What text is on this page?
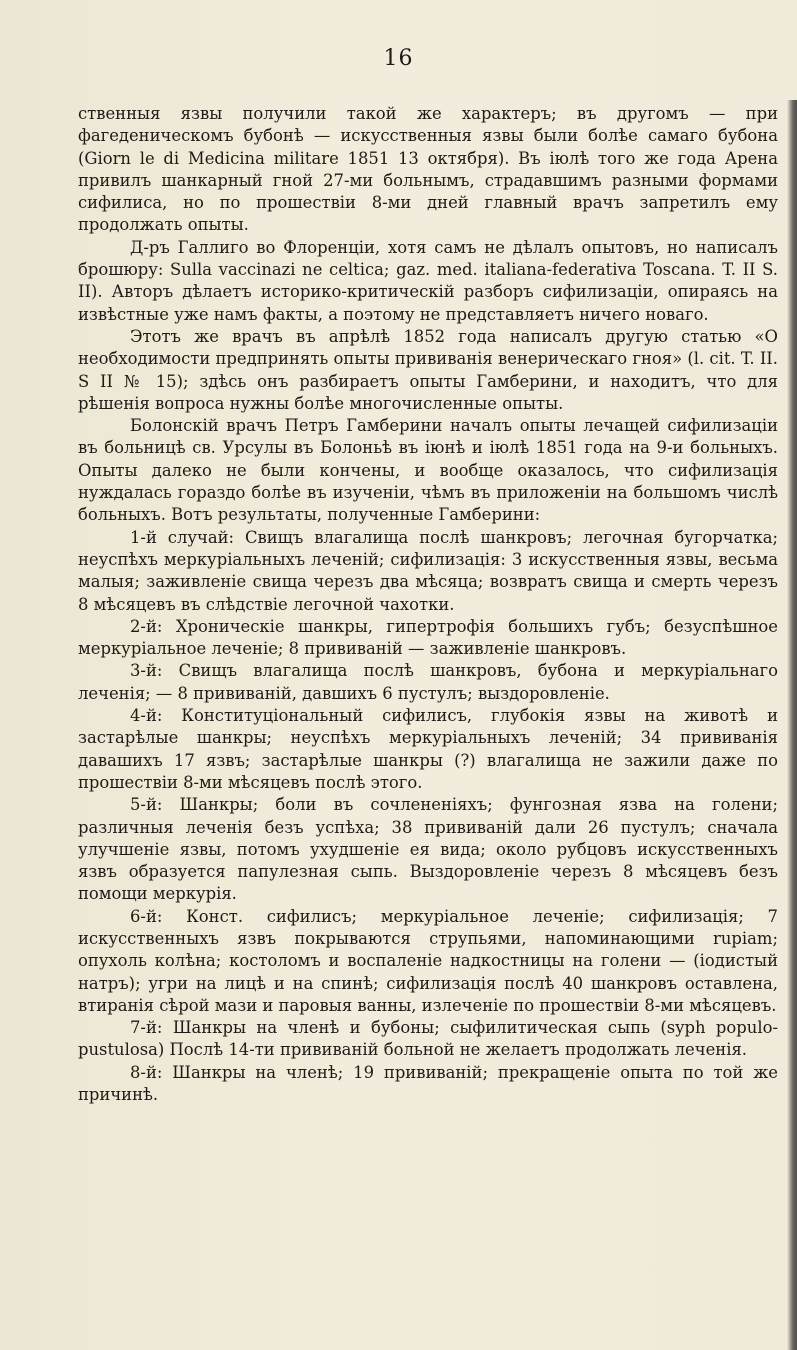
16

ственныя язвы получили такой же характеръ; въ другомъ — при фагеденическомъ бубонѣ — искусственныя язвы были болѣе самаго бубона (Giorn le di Medicina militare 1851 13 октября). Въ iюлѣ того же года Арена привилъ шанкарный гной 27-ми больнымъ, страдавшимъ разными формами сифилиса, но по прошествiи 8-ми дней главный врачъ запретилъ ему продолжать опыты.

Д-ръ Галлиго во Флоренцiи, хотя самъ не дѣлалъ опытовъ, но написалъ брошюру: Sulla vaccinazi ne celtica; gaz. med. italiana-federativa Toscana. T. II S. II). Авторъ дѣлаетъ историко-критическiй разборъ сифилизацiи, опираясь на извѣстные уже намъ факты, а поэтому не представляетъ ничего новаго.

Этотъ же врачъ въ апрѣлѣ 1852 года написалъ другую статью «О необходимости предпринять опыты прививанiя венерическаго гноя» (l. cit. T. II. S II № 15); здѣсь онъ разбираетъ опыты Гамберини, и находитъ, что для рѣшенiя вопроса нужны болѣе многочисленные опыты.

Болонскiй врачъ Петръ Гамберини началъ опыты лечащей сифилизацiи въ больницѣ св. Урсулы въ Болоньѣ въ iюнѣ и iюлѣ 1851 года на 9-и больныхъ. Опыты далеко не были кончены, и вообще оказалось, что сифилизацiя нуждалась гораздо болѣе въ изученiи, чѣмъ въ приложенiи на большомъ числѣ больныхъ. Вотъ результаты, полученные Гамберини:

1-й случай: Свищъ влагалища послѣ шанкровъ; легочная бугорчатка; неуспѣхъ меркурiальныхъ леченiй; сифилизацiя: 3 искусственныя язвы, весьма малыя; заживленiе свища черезъ два мѣсяца; возвратъ свища и смерть черезъ 8 мѣсяцевъ въ слѣдствiе легочной чахотки.

2-й: Хроническiе шанкры, гипертрофiя большихъ губъ; безуспѣшное меркурiальное леченiе; 8 прививанiй — заживленiе шанкровъ.

3-й: Свищъ влагалища послѣ шанкровъ, бубона и меркурiальнаго леченiя; — 8 прививанiй, давшихъ 6 пустулъ; выздоровленiе.

4-й: Конституцiональный сифилисъ, глубокiя язвы на животѣ и застарѣлые шанкры; неуспѣхъ меркурiальныхъ леченiй; 34 прививанiя давашихъ 17 язвъ; застарѣлые шанкры (?) влагалища не зажили даже по прошествiи 8-ми мѣсяцевъ послѣ этого.

5-й: Шанкры; боли въ сочлененiяхъ; фунгозная язва на голени; различныя леченiя безъ успѣха; 38 прививанiй дали 26 пустулъ; сначала улучшенiе язвы, потомъ ухудшенiе ея вида; около рубцовъ искусственныхъ язвъ образуется папулезная сыпь. Выздоровленiе черезъ 8 мѣсяцевъ безъ помощи меркурiя.

6-й: Конст. сифилисъ; меркурiальное леченiе; сифилизацiя; 7 искусственныхъ язвъ покрываются струпьями, напоминающими rupiam; опухоль колѣна; костоломъ и воспаленiе надкостницы на голени — (iодистый натръ); угри на лицѣ и на спинѣ; сифилизацiя послѣ 40 шанкровъ оставлена, втиранiя сѣрой мази и паровыя ванны, излеченiе по прошествiи 8-ми мѣсяцевъ.

7-й: Шанкры на членѣ и бубоны; сыфилитическая сыпь (syph populo-pustulosa) Послѣ 14-ти прививанiй больной не желаетъ продолжать леченiя.

8-й: Шанкры на членѣ; 19 прививанiй; прекращенiе опыта по той же причинѣ.
